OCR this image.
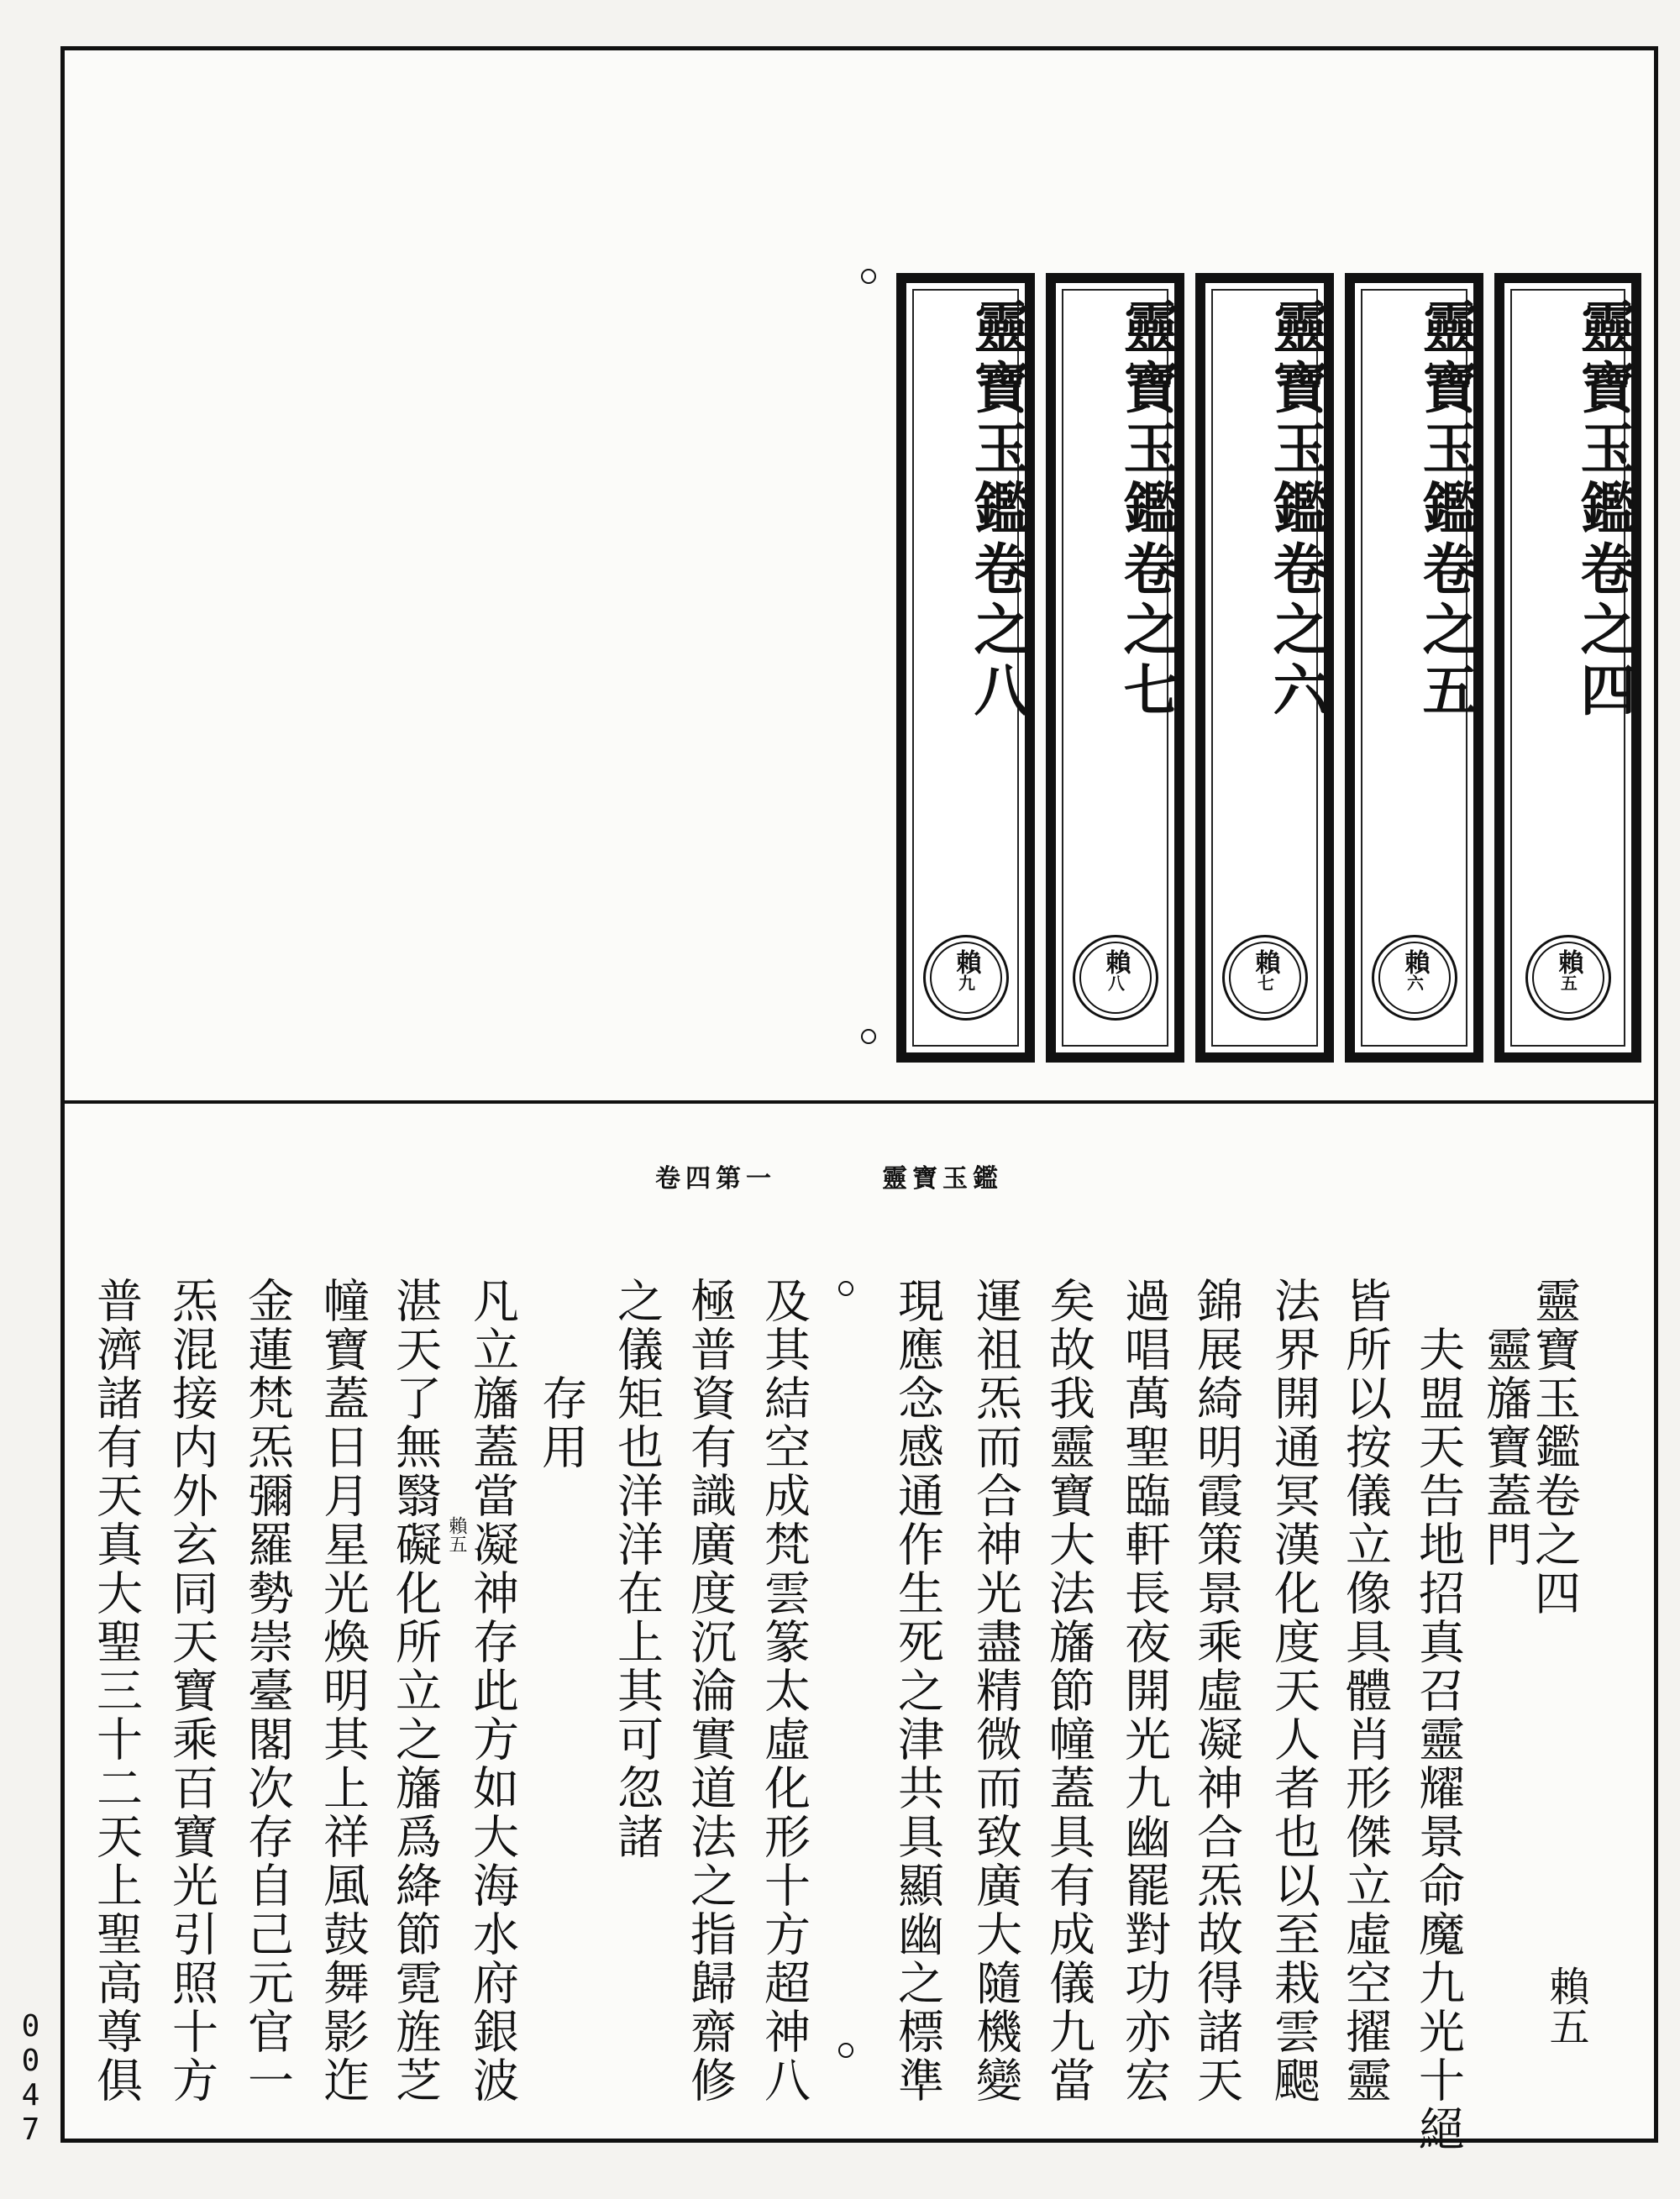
靈寶玉鑑卷之八
賴
九
靈寶玉鑑卷之七
賴
八
靈寶玉鑑卷之六
賴
七
靈寶玉鑑卷之五
賴
六
靈寶玉鑑卷之四
賴
五
卷四第一	靈寶玉鑑
賴五
賴五	靈寶玉鑑卷之四
　靈旛寶蓋門
　夫盟天告地招真召靈耀景命魔九光十絕
皆所以按儀立像具體肖形傑立虛空擢靈
法界開通冥漢化度天人者也以至栽雲颸
錦展綺明霞策景乘虛凝神合炁故得諸天
過唱萬聖臨軒長夜開光九幽罷對功亦宏
矣故我靈寶大法旛節幢蓋具有成儀九當
運祖炁而合神光盡精微而致廣大隨機變
現應念感通作生死之津共具顯幽之標準
及其結空成梵雲篆太虛化形十方超神八
極普資有識廣度沉淪實道法之指歸齋修
之儀矩也洋洋在上其可忽諸
　　存用
凡立旛蓋當凝神存此方如大海水府銀波
湛天了無翳礙化所立之旛爲絳節霓旌芝
幢寶蓋日月星光煥明其上祥風鼓舞影迮
金蓮梵炁彌羅勢崇臺閣次存自己元官一
炁混接内外玄同天寶乘百寶光引照十方
普濟諸有天真大聖三十二天上聖高尊俱
0047
